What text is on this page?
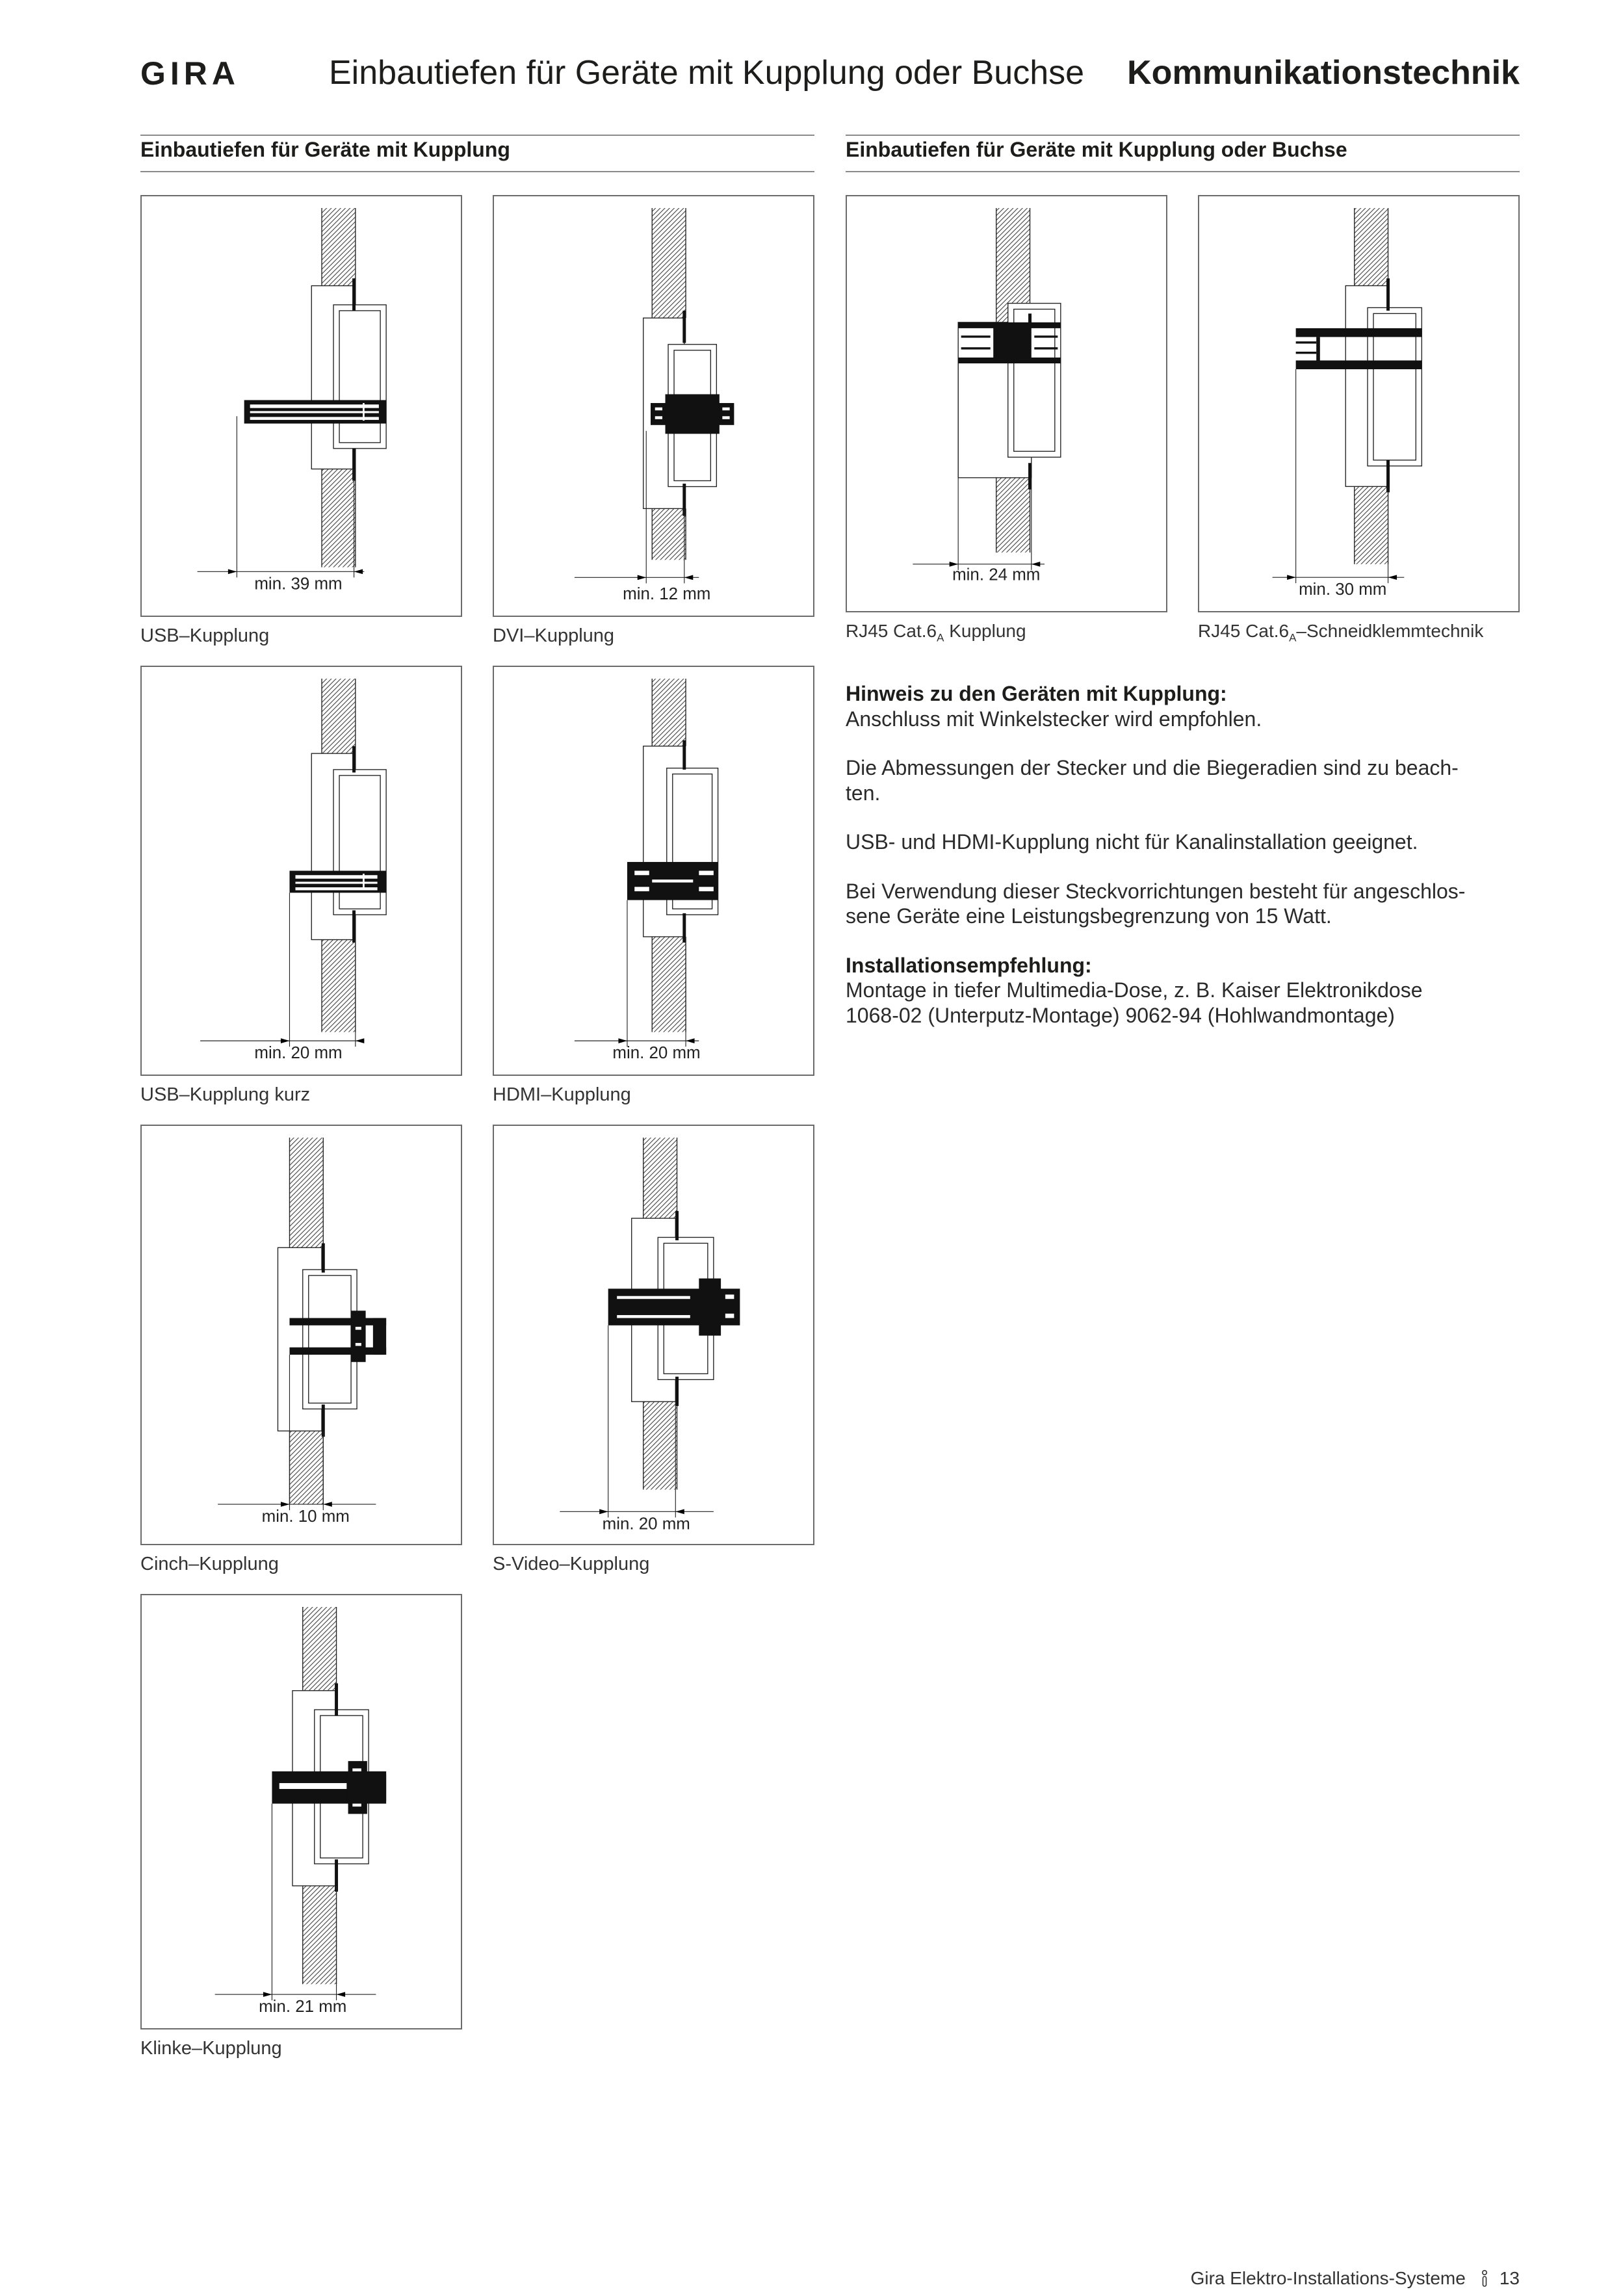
GIRA	Einbautiefen für Geräte mit Kupplung oder Buchse Kommunikationstechnik
Einbautiefen für Geräte mit Kupplung	Einbautiefen für Geräte mit Kupplung oder Buchse
min. 39 mm
USB–Kupplung
min. 12 mm
DVI–Kupplung
min. 24 mm
RJ45 $Cat.6_A$ Kupplung
min. 30 mm
RJ45 $Cat.6_A$–Schneidklemmtechnik
min. 20 mm
USB–Kupplung kurz
min. 20 mm
HDMI–Kupplung
min. 10 mm
Cinch–Kupplung
min. 20 mm
S-Video–Kupplung
min. 21 mm
Klinke–Kupplung
Hinweis zu den Geräten mit Kupplung:
Anschluss mit Winkelstecker wird empfohlen.
Die Abmessungen der Stecker und die Biegeradien sind zu beach-
ten.
USB- und HDMI-Kupplung nicht für Kanalinstallation geeignet.
Bei Verwendung dieser Steckvorrichtungen besteht für angeschlos-
sene Geräte eine Leistungsbegrenzung von 15 Watt.
Installationsempfehlung:
Montage in tiefer Multimedia-Dose, z. B. Kaiser Elektronikdose
1068-02 (Unterputz-Montage) 9062-94 (Hohlwandmontage)
Gira Elektro-Installations-Systeme 13
